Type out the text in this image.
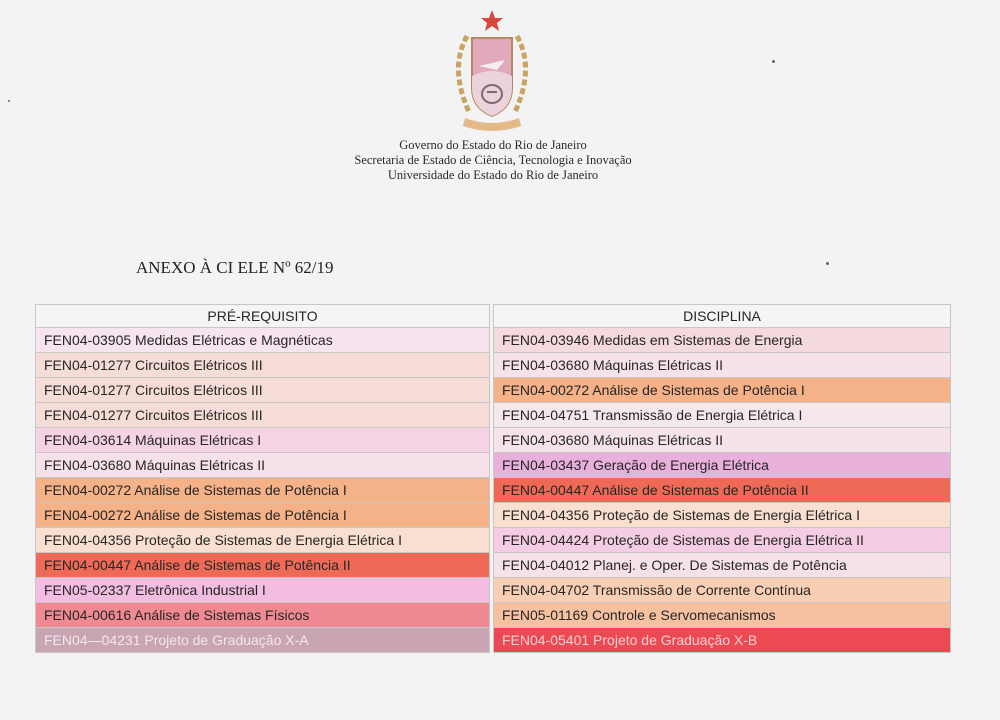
Governo do Estado do Rio de Janeiro
Secretaria de Estado de Ciência, Tecnologia e Inovação
Universidade do Estado do Rio de Janeiro
ANEXO À CI ELE Nº 62/19
PRÉ-REQUISITO		DISCIPLINA
FEN04-03905 Medidas Elétricas e Magnéticas		FEN04-03946 Medidas em Sistemas de Energia
FEN04-01277 Circuitos Elétricos III		FEN04-03680 Máquinas Elétricas II
FEN04-01277 Circuitos Elétricos III		FEN04-00272 Análise de Sistemas de Potência I
FEN04-01277 Circuitos Elétricos III		FEN04-04751 Transmissão de Energia Elétrica I
FEN04-03614 Máquinas Elétricas I		FEN04-03680 Máquinas Elétricas II
FEN04-03680 Máquinas Elétricas II		FEN04-03437 Geração de Energia Elétrica
FEN04-00272 Análise de Sistemas de Potência I		FEN04-00447 Análise de Sistemas de Potência II
FEN04-00272 Análise de Sistemas de Potência I		FEN04-04356 Proteção de Sistemas de Energia Elétrica I
FEN04-04356 Proteção de Sistemas de Energia Elétrica I		FEN04-04424 Proteção de Sistemas de Energia Elétrica II
FEN04-00447 Análise de Sistemas de Potência II		FEN04-04012 Planej. e Oper. De Sistemas de Potência
FEN05-02337 Eletrônica Industrial I		FEN04-04702 Transmissão de Corrente Contínua
FEN04-00616 Análise de Sistemas Físicos		FEN05-01169 Controle e Servomecanismos
FEN04—04231 Projeto de Graduação X-A		FEN04-05401 Projeto de Graduação X-B
